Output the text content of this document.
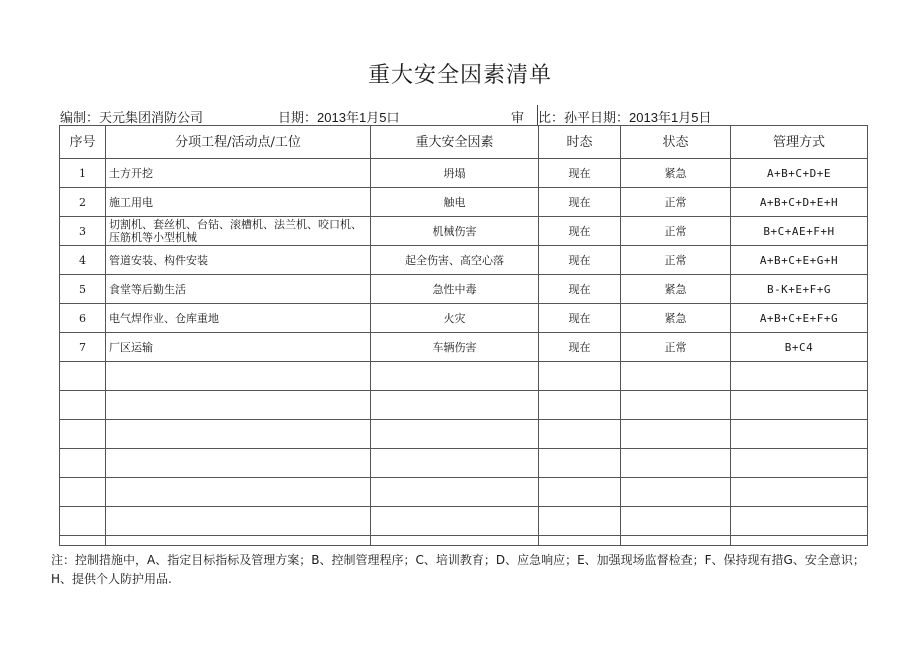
重大安全因素清单
编制：天元集团消防公司	日期：2013年1月5口	审 比：孙平日期：2013年1月5日
序号	分项工程/活动点/工位	重大安全因素	时态	状态	管理方式
1	土方开挖	坍塌	现在	紧急	A+B+C+D+E
2	施工用电	触电	现在	正常	A+B+C+D+E+H
3	切割机、套丝机、台钻、滚槽机、法兰机、咬口机、压筋机等小型机械	机械伤害	现在	正常	B+C+AE+F+H
4	管道安装、构件安装	起全伤害、高空心落	现在	正常	A+B+C+E+G+H
5	食堂等后勤生活	急性中毒	现在	紧急	B-K+E+F+G
6	电气焊作业、仓库重地	火灾	现在	紧急	A+B+C+E+F+G
7	厂区运输	车辆伤害	现在	正常	B+C4

注：控制措施中，A、指定目标指标及管理方案；B、控制管理程序；C、培训教育；D、应急响应；E、加强现场监督检查；F、保持现有措G、安全意识；H、提供个人防护用品.
